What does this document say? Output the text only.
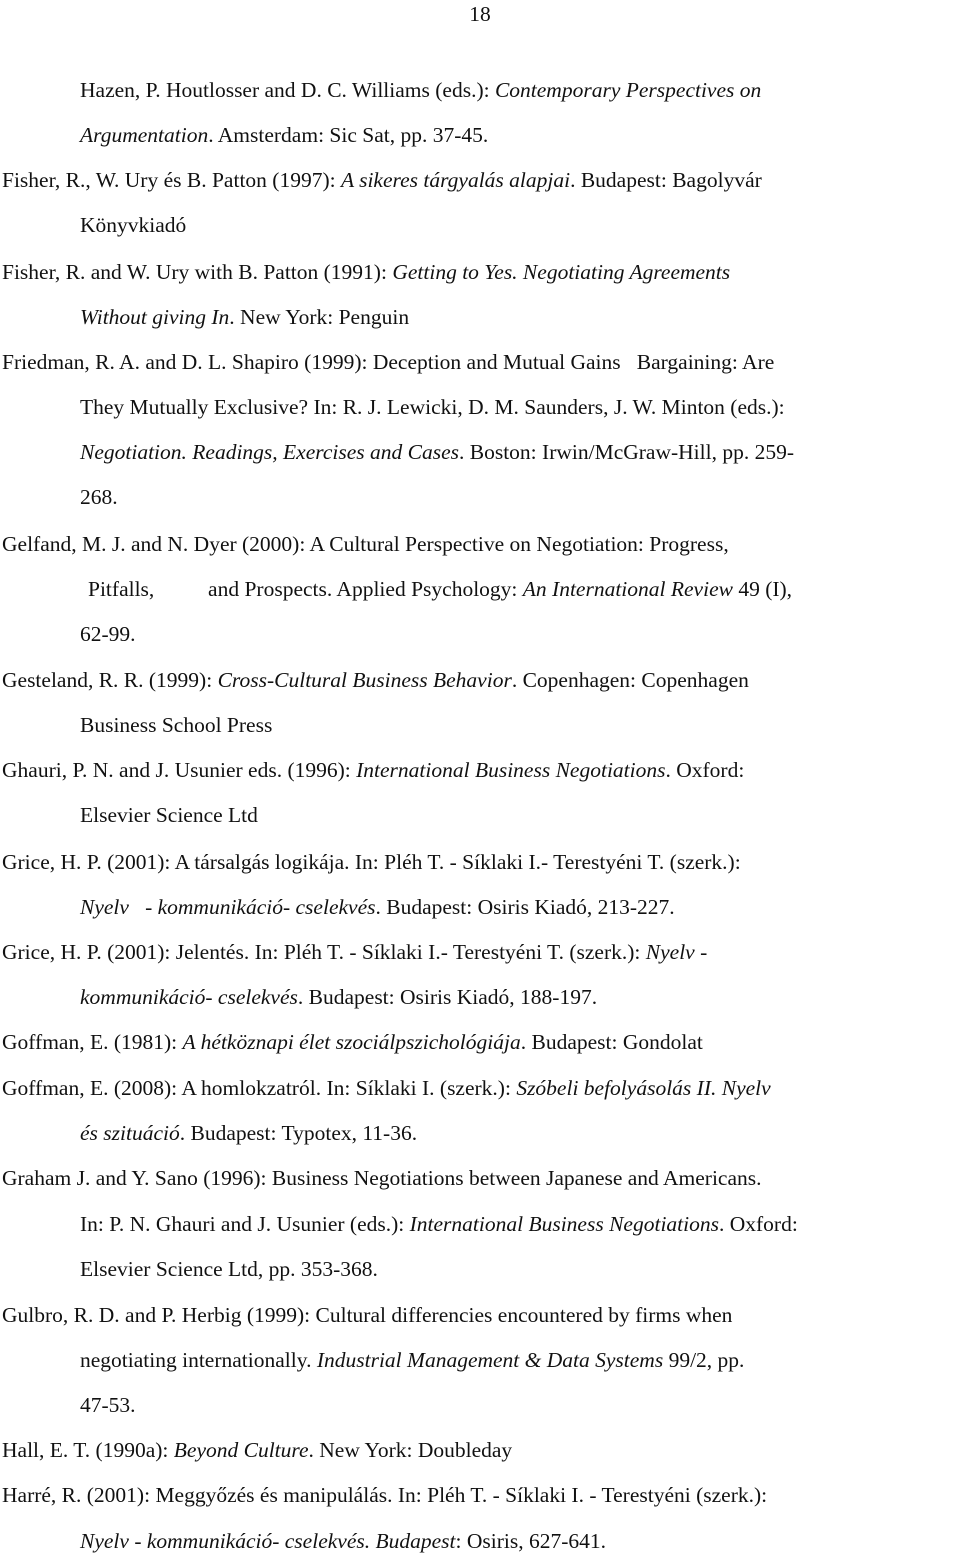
18
Hazen, P. Houtlosser and D. C. Williams (eds.): Contemporary Perspectives on
Argumentation. Amsterdam: Sic Sat, pp. 37-45.
Fisher, R., W. Ury és B. Patton (1997): A sikeres tárgyalás alapjai. Budapest: Bagolyvár
Könyvkiadó
Fisher, R. and W. Ury with B. Patton (1991): Getting to Yes. Negotiating Agreements
Without giving In. New York: Penguin
Friedman, R. A. and D. L. Shapiro (1999): Deception and Mutual Gains   Bargaining: Are
They Mutually Exclusive? In: R. J. Lewicki, D. M. Saunders, J. W. Minton (eds.):
Negotiation. Readings, Exercises and Cases. Boston: Irwin/McGraw-Hill, pp. 259-
268.
Gelfand, M. J. and N. Dyer (2000): A Cultural Perspective on Negotiation: Progress,
Pitfalls,          and Prospects. Applied Psychology: An International Review 49 (I),
62-99.
Gesteland, R. R. (1999): Cross-Cultural Business Behavior. Copenhagen: Copenhagen
Business School Press
Ghauri, P. N. and J. Usunier eds. (1996): International Business Negotiations. Oxford:
Elsevier Science Ltd
Grice, H. P. (2001): A társalgás logikája. In: Pléh T. - Síklaki I.- Terestyéni T. (szerk.):
Nyelv   - kommunikáció- cselekvés. Budapest: Osiris Kiadó, 213-227.
Grice, H. P. (2001): Jelentés. In: Pléh T. - Síklaki I.- Terestyéni T. (szerk.): Nyelv -
kommunikáció- cselekvés. Budapest: Osiris Kiadó, 188-197.
Goffman, E. (1981): A hétköznapi élet szociálpszichológiája. Budapest: Gondolat
Goffman, E. (2008): A homlokzatról. In: Síklaki I. (szerk.): Szóbeli befolyásolás II. Nyelv
és szituáció. Budapest: Typotex, 11-36.
Graham J. and Y. Sano (1996): Business Negotiations between Japanese and Americans.
In: P. N. Ghauri and J. Usunier (eds.): International Business Negotiations. Oxford:
Elsevier Science Ltd, pp. 353-368.
Gulbro, R. D. and P. Herbig (1999): Cultural differencies encountered by firms when
negotiating internationally. Industrial Management & Data Systems 99/2, pp.
47-53.
Hall, E. T. (1990a): Beyond Culture. New York: Doubleday
Harré, R. (2001): Meggyőzés és manipulálás. In: Pléh T. - Síklaki I. - Terestyéni (szerk.):
Nyelv - kommunikáció- cselekvés. Budapest: Osiris, 627-641.
